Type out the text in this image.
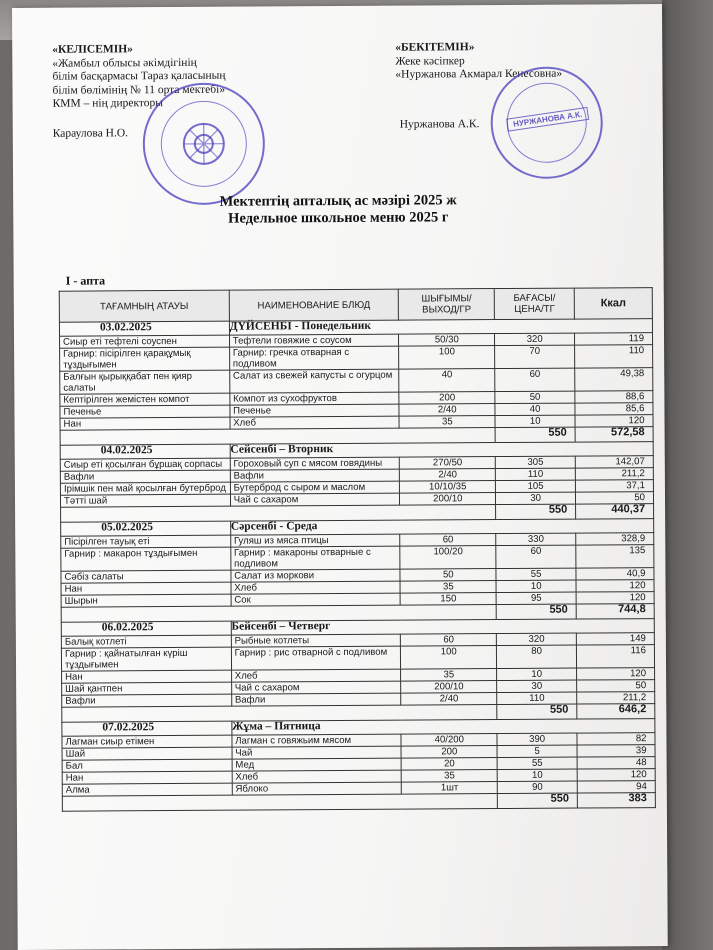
«КЕЛІСЕМІН»
«Жамбыл облысы әкімдігінің
білім басқармасы Тараз қаласының
білім бөлімінің № 11 орта мектебі»
КММ – нің директоры
Караулова Н.О.
«БЕКІТЕМІН»
Жеке кәсіпкер
«Нуржанова Акмарал Кенесовна»
Нуржанова А.К.	НУРЖАНОВА А.К.
Мектептің апталық ас мәзірі 2025 ж
Недельное школьное меню 2025 г
I - апта
ТАҒАМНЫҢ АТАУЫ	НАИМЕНОВАНИЕ БЛЮД	ШЫҒЫМЫ/ ВЫХОД/ГР	БАҒАСЫ/ ЦЕНА/ТГ	Ккал
03.02.2025	ДҮЙСЕНБІ - Понедельник			
Сиыр еті тефтелі соуспен	Тефтели говяжие с соусом	50/30	320	119
Гарнир: пісірілген қарақұмық тұздығымен	Гарнир: гречка отварная с подливом	100	70	110
Балғын қырыққабат пен қияр салаты	Салат из свежей капусты с огурцом	40	60	49,38
Кептірілген жемістен компот	Компот из сухофруктов	200	50	88,6
Печенье	Печенье	2/40	40	85,6
Нан	Хлеб	35	10	120
			550	572,58
04.02.2025	Сейсенбі – Вторник			
Сиыр еті қосылған бұршақ сорпасы	Гороховый суп с мясом говядины	270/50	305	142,07
Вафли	Вафли	2/40	110	211,2
Ірімшік пен май қосылған бутерброд	Бутерброд с сыром и маслом	10/10/35	105	37,1
Тәтті шай	Чай с сахаром	200/10	30	50
			550	440,37
05.02.2025	Сәрсенбі - Среда			
Пісірілген тауық етi	Гуляш из мяса птицы	60	330	328,9
Гарнир : макарон тұздығымен	Гарнир : макароны отварные с подливом	100/20	60	135
Сәбіз салаты	Салат из моркови	50	55	40,9
Нан	Хлеб	35	10	120
Шырын	Сок	150	95	120
			550	744,8
06.02.2025	Бейсенбі – Четверг			
Балық котлеті	Рыбные котлеты	60	320	149
Гарнир : қайнатылған күріш тұздығымен	Гарнир : рис отварной с подливом	100	80	116
Нан	Хлеб	35	10	120
Шай қантпен	Чай с сахаром	200/10	30	50
Вафли	Вафли	2/40	110	211,2
			550	646,2
07.02.2025	Жұма – Пятница			
Лагман сиыр етімен	Лагман с говяжьим мясом	40/200	390	82
Шай	Чай	200	5	39
Бал	Мед	20	55	48
Нан	Хлеб	35	10	120
Алма	Яблоко	1шт	90	94
			550	383
